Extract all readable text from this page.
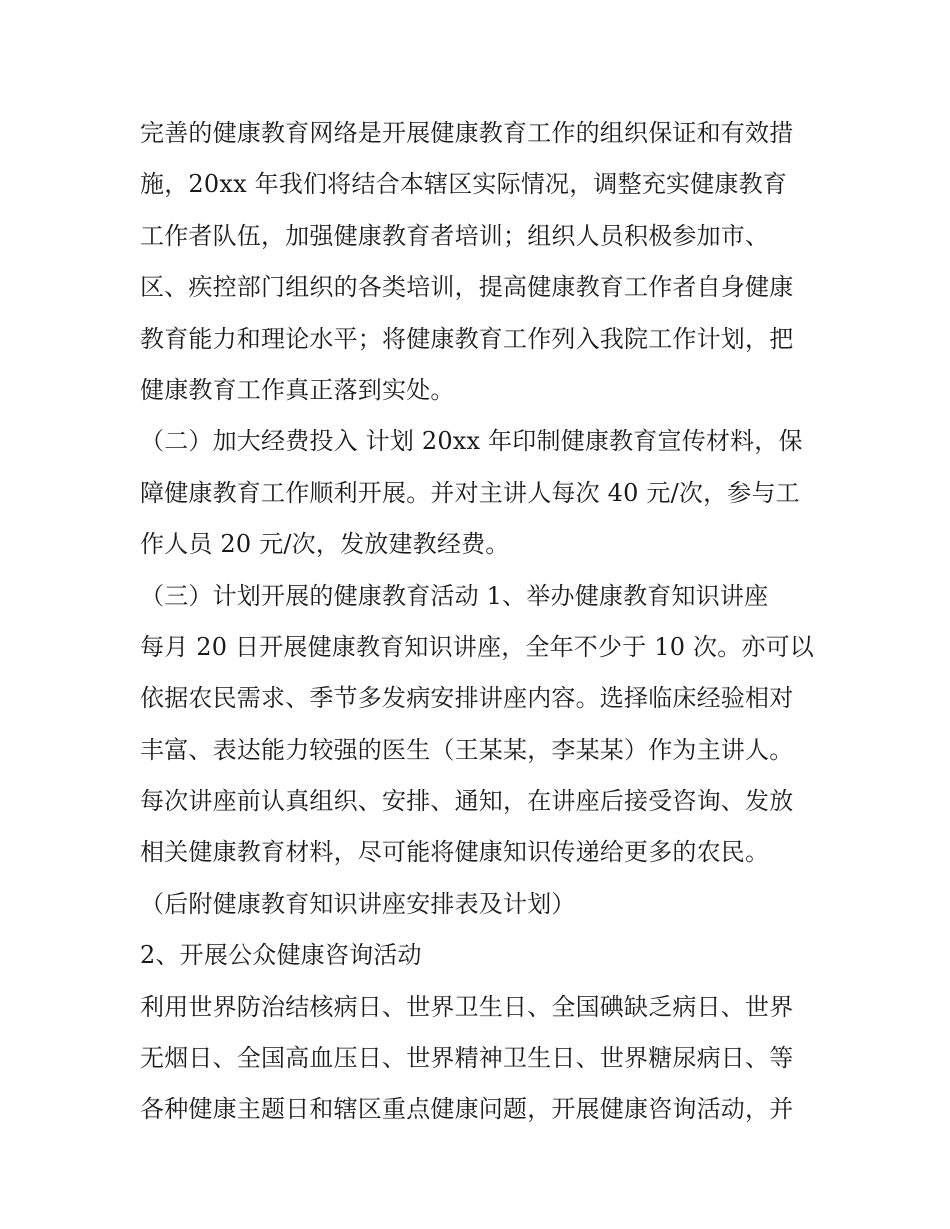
完善的健康教育网络是开展健康教育工作的组织保证和有效措
施，20xx 年我们将结合本辖区实际情况，调整充实健康教育
工作者队伍，加强健康教育者培训；组织人员积极参加市、
区、疾控部门组织的各类培训，提高健康教育工作者自身健康
教育能力和理论水平；将健康教育工作列入我院工作计划，把
健康教育工作真正落到实处。
（二）加大经费投入 计划 20xx 年印制健康教育宣传材料，保
障健康教育工作顺利开展。并对主讲人每次 40 元/次，参与工
作人员 20 元/次，发放建教经费。
（三）计划开展的健康教育活动 1、举办健康教育知识讲座
每月 20 日开展健康教育知识讲座，全年不少于 10 次。亦可以
依据农民需求、季节多发病安排讲座内容。选择临床经验相对
丰富、表达能力较强的医生（王某某，李某某）作为主讲人。
每次讲座前认真组织、安排、通知，在讲座后接受咨询、发放
相关健康教育材料，尽可能将健康知识传递给更多的农民。
（后附健康教育知识讲座安排表及计划）
2、开展公众健康咨询活动
利用世界防治结核病日、世界卫生日、全国碘缺乏病日、世界
无烟日、全国高血压日、世界精神卫生日、世界糖尿病日、等
各种健康主题日和辖区重点健康问题，开展健康咨询活动，并
